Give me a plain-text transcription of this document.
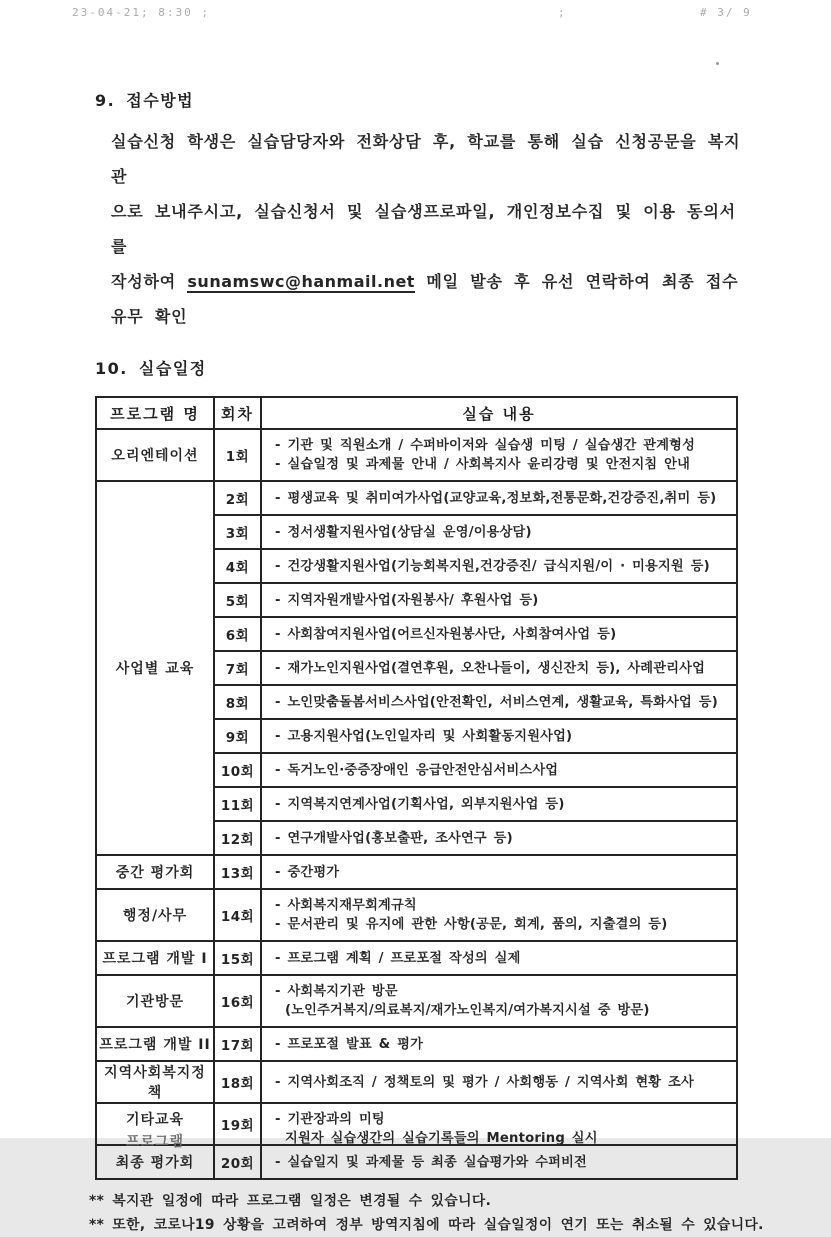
23-04-21; 8:30 ;	;	# 3/ 9
9. 접수방법
실습신청 학생은 실습담당자와 전화상담 후, 학교를 통해 실습 신청공문을 복지관
으로 보내주시고, 실습신청서 및 실습생프로파일, 개인정보수집 및 이용 동의서를
작성하여 sunamswc@hanmail.net 메일 발송 후 유선 연락하여 최종 접수유무 확인
10. 실습일정
프로그램 명	회차	실습 내용

오리엔테이션	1회	- 기관 및 직원소개 / 수퍼바이저와 실습생 미팅 / 실습생간 관계형성
- 실습일정 및 과제물 안내 / 사회복지사 윤리강령 및 안전지침 안내

사업별 교육	2회	- 평생교육 및 취미여가사업(교양교육,정보화,전통문화,건강증진,취미 등)

	3회	- 정서생활지원사업(상담실 운영/이용상담)

	4회	- 건강생활지원사업(기능회복지원,건강증진/ 급식지원/이 · 미용지원 등)

	5회	- 지역자원개발사업(자원봉사/ 후원사업 등)

	6회	- 사회참여지원사업(어르신자원봉사단, 사회참여사업 등)

	7회	- 재가노인지원사업(결연후원, 오찬나들이, 생신잔치 등), 사례관리사업

	8회	- 노인맞춤돌봄서비스사업(안전확인, 서비스연계, 생활교육, 특화사업 등)

	9회	- 고용지원사업(노인일자리 및 사회활동지원사업)

	10회	- 독거노인·중증장애인 응급안전안심서비스사업

	11회	- 지역복지연계사업(기획사업, 외부지원사업 등)

	12회	- 연구개발사업(홍보출판, 조사연구 등)

중간 평가회	13회	- 중간평가

행정/사무	14회	- 사회복지재무회계규칙
- 문서관리 및 유지에 관한 사항(공문, 회계, 품의, 지출결의 등)

프로그램 개발 I	15회	- 프로그램 계획 / 프로포절 작성의 실제

기관방문	16회	- 사회복지기관 방문
(노인주거복지/의료복지/재가노인복지/여가복지시설 중 방문)

프로그램 개발 II	17회	- 프로포절 발표 & 평가

지역사회복지정책	18회	- 지역사회조직 / 정책토의 및 평가 / 사회행동 / 지역사회 현황 조사

기타교육
프로그램
	19회	- 기관장과의 미팅
지원자 실습생간의 실습기록들의 Mentoring 실시

최종 평가회	20회	- 실습일지 및 과제물 등 최종 실습평가와 수퍼비전
** 복지관 일정에 따라 프로그램 일정은 변경될 수 있습니다.
** 또한, 코로나19 상황을 고려하여 정부 방역지침에 따라 실습일정이 연기 또는 취소될 수 있습니다.
